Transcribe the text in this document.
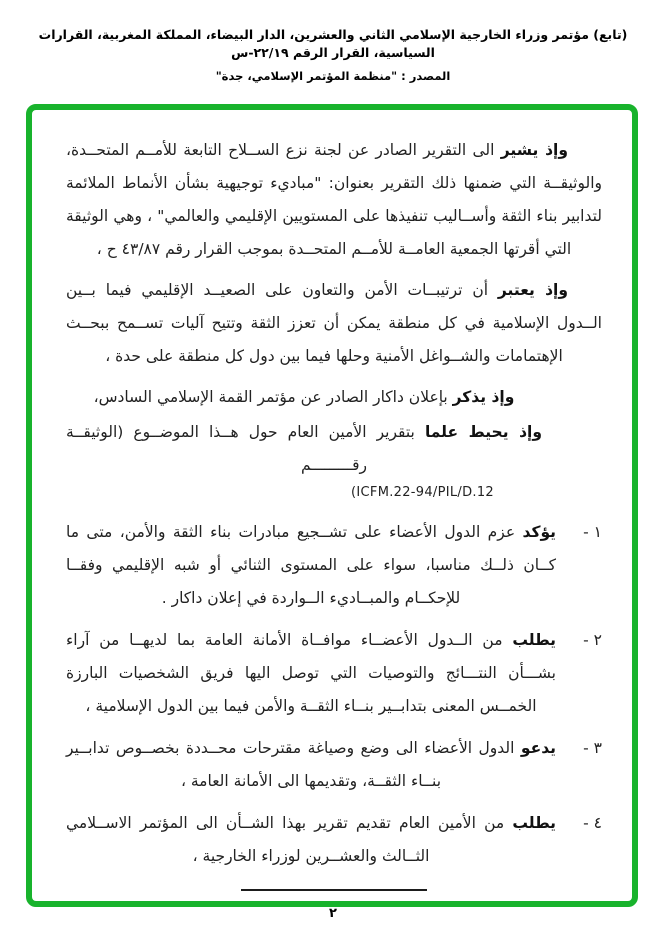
(تابع) مؤتمر وزراء الخارجية الإسلامي الثاني والعشرين، الدار البيضاء، المملكة المغربية، القرارات السياسية، القرار الرقم ٢٢/١٩-س
المصدر : "منظمة المؤتمر الإسلامي، جدة"

وإذ يشير الى التقرير الصادر عن لجنة نزع الســلاح التابعة للأمــم المتحــدة، والوثيقــة التي ضمنها ذلك التقرير بعنوان: "مباديء توجيهية بشأن الأنماط الملائمة لتدابير بناء الثقة وأســاليب تنفيذها على المستويين الإقليمي والعالمي" ، وهي الوثيقة التي أقرتها الجمعية العامــة للأمــم المتحــدة بموجب القرار رقم ٤٣/٨٧ ح ،

وإذ يعتبر أن ترتيبــات الأمن والتعاون على الصعيــد الإقليمي فيما بــين الــدول الإسلامية في كل منطقة يمكن أن تعزز الثقة وتتيح آليات تســمح ببحــث الإهتمامات والشــواغل الأمنية وحلها فيما بين دول كل منطقة على حدة ،

وإذ يذكر بإعلان داكار الصادر عن مؤتمر القمة الإسلامي السادس،

وإذ يحيط علما بتقرير الأمين العام حول هــذا الموضــوع (الوثيقــة رقـــــــــم

(ICFM.22-94/PIL/D.12
١ -

يؤكد عزم الدول الأعضاء على تشــجيع مبادرات بناء الثقة والأمن، متى ما كــان ذلــك مناسبا، سواء على المستوى الثنائي أو شبه الإقليمي وفقــا للإحكــام والمبــاديء الــواردة في إعلان داكار .

٢ -

يطلب من الــدول الأعضــاء موافــاة الأمانة العامة بما لديهــا من آراء بشـــأن النتـــائج والتوصيات التي توصل اليها فريق الشخصيات البارزة الخمــس المعنى بتدابــير بنــاء الثقــة والأمن فيما بين الدول الإسلامية ،

٣ -

يدعو الدول الأعضاء الى وضع وصياغة مقترحات محــددة بخصــوص تدابــير بنــاء الثقــة، وتقديمها الى الأمانة العامة ،

٤ -

يطلب من الأمين العام تقديم تقرير بهذا الشــأن الى المؤتمر الاســلامي الثــالث والعشــرين لوزراء الخارجية ،

٢
